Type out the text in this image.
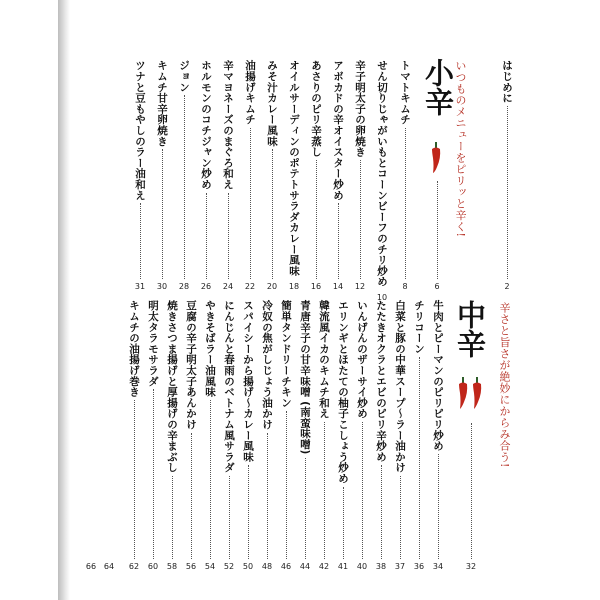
はじめに
2
いつものメニューをピリッと辛く!
小辛
6
トマトキムチ
8
せん切りじゃがいもとコーンビーフのチリ炒め
10
辛子明太子の卵焼き
12
アボカドの辛オイスター炒め
14
あさりのピリ辛蒸し
16
オイルサーディンのポテトサラダカレー風味
18
みそ汁カレー風味
20
油揚げキムチ
22
辛マヨネーズのまぐろ和え
24
ホルモンのコチジャン炒め
26
ジョン
28
キムチ甘辛卵焼き
30
ツナと豆もやしのラー油和え
31
辛さと旨さが絶妙にからみ合う!
中辛
32
牛肉とピーマンのピリピリ炒め
34
チリコーン
36
白菜と豚の中華スープ〜ラー油かけ
37
たたきオクラとエビのピリ辛炒め
38
いんげんのザーサイ炒め
40
エリンギとほたての柚子こしょう炒め
41
韓流風イカのキムチ和え
42
青唐辛子の甘辛味噌 (南蛮味噌)
44
簡単タンドリーチキン
46
冷奴の焦がしじょう油かけ
48
スパイシーから揚げ〜カレー風味
50
にんじんと春雨のベトナム風サラダ
52
やきそばラー油風味
54
豆腐の辛子明太子あんかけ
56
焼きさつま揚げと厚揚げの辛まぶし
58
明太タラモサラダ
60
キムチの油揚げ巻き
62
64
66
